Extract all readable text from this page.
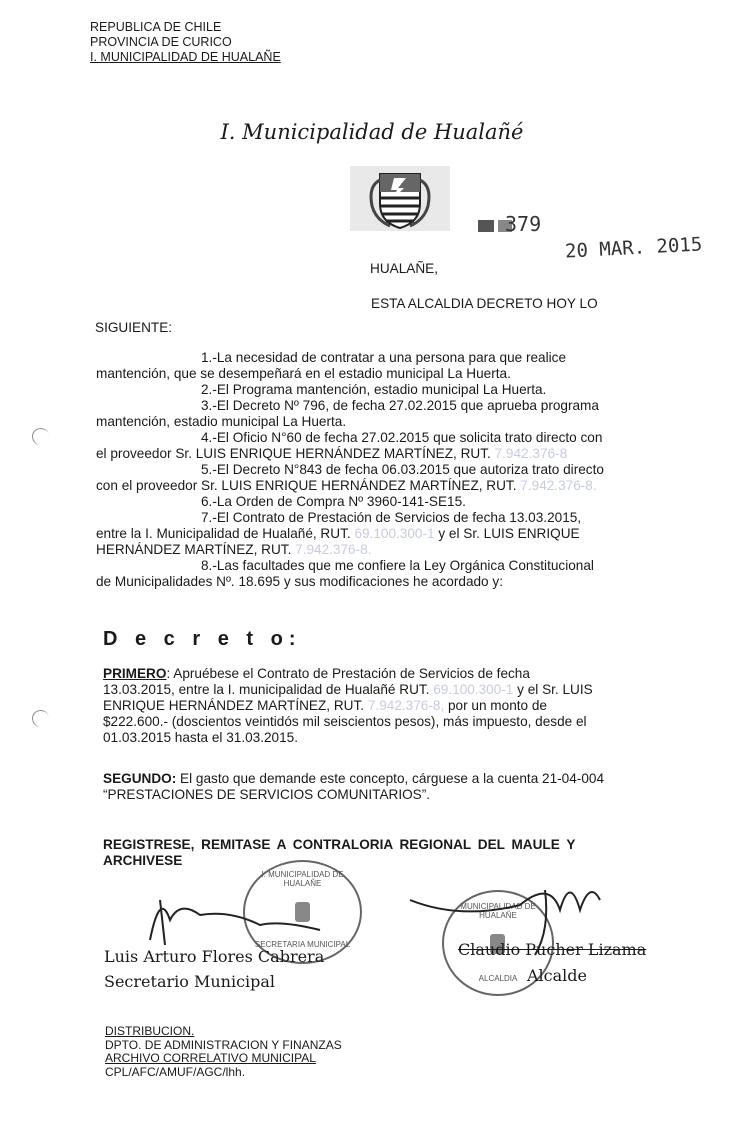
REPUBLICA DE CHILE
PROVINCIA DE CURICO
I. MUNICIPALIDAD DE HUALAÑE
I. Municipalidad de Hualañé
379
20 MAR. 2015
HUALAÑE,
ESTA ALCALDIA DECRETO HOY LO
SIGUIENTE:
1.-La necesidad de contratar a una persona para que realice
mantención, que se desempeñará en el estadio municipal La Huerta.
2.-El Programa mantención, estadio municipal La Huerta.
3.-El Decreto Nº 796, de fecha 27.02.2015 que aprueba programa
mantención, estadio municipal La Huerta.
4.-El Oficio N°60 de fecha 27.02.2015 que solicita trato directo con
el proveedor Sr. LUIS ENRIQUE HERNÁNDEZ MARTÍNEZ, RUT. 7.942.376-8
5.-El Decreto N°843 de fecha 06.03.2015 que autoriza trato directo
con el proveedor Sr. LUIS ENRIQUE HERNÁNDEZ MARTÍNEZ, RUT. 7.942.376-8.
6.-La Orden de Compra Nº 3960-141-SE15.
7.-El Contrato de Prestación de Servicios de fecha 13.03.2015,
entre la I. Municipalidad de Hualañé, RUT. 69.100.300-1 y el Sr. LUIS ENRIQUE
HERNÁNDEZ MARTÍNEZ, RUT. 7.942.376-8.
8.-Las facultades que me confiere la Ley Orgánica Constitucional
de Municipalidades Nº. 18.695 y sus modificaciones he acordado y:
D e c r e t o:
PRIMERO: Apruébese el Contrato de Prestación de Servicios de fecha
13.03.2015, entre la I. municipalidad de Hualañé RUT. 69.100.300-1 y el Sr. LUIS
ENRIQUE HERNÁNDEZ MARTÍNEZ, RUT. 7.942.376-8, por un monto de
$222.600.- (doscientos veintidós mil seiscientos pesos), más impuesto, desde el
01.03.2015 hasta el 31.03.2015.
SEGUNDO: El gasto que demande este concepto, cárguese a la cuenta 21-04-004
“PRESTACIONES DE SERVICIOS COMUNITARIOS”.
REGISTRESE, REMITASE A CONTRALORIA REGIONAL DEL MAULE Y
ARCHIVESE
I. MUNICIPALIDAD DE HUALAÑE
SECRETARIA MUNICIPAL
MUNICIPALIDAD DE HUALAÑE
ALCALDIA
Luis Arturo Flores Cabrera
Secretario Municipal
Claudio Pucher Lizama
Alcalde
DISTRIBUCION.
DPTO. DE ADMINISTRACION Y FINANZAS
ARCHIVO CORRELATIVO MUNICIPAL
CPL/AFC/AMUF/AGC/lhh.
